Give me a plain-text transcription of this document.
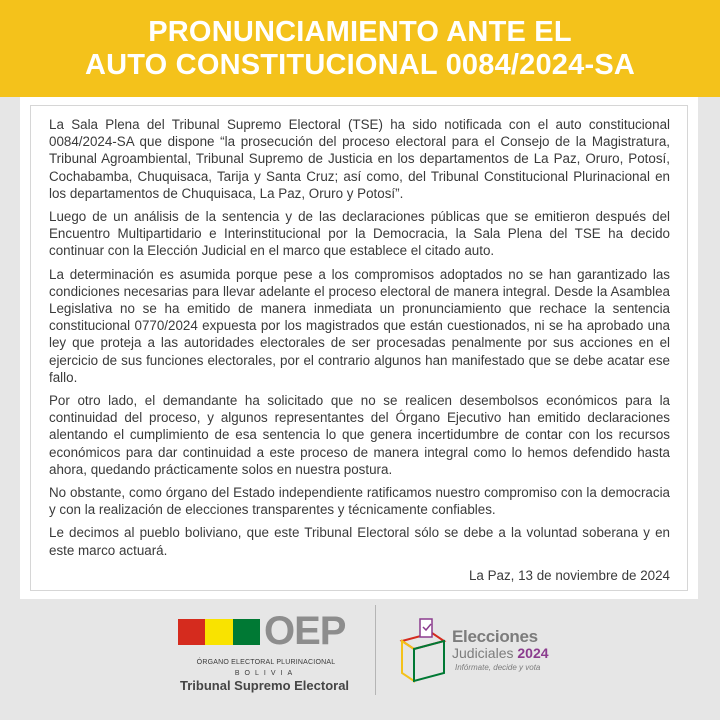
PRONUNCIAMIENTO ANTE EL
AUTO CONSTITUCIONAL 0084/2024-SA

La Sala Plena del Tribunal Supremo Electoral (TSE) ha sido notificada con el auto constitucional 0084/2024-SA que dispone “la prosecución del proceso electoral para el Consejo de la Magistratura, Tribunal Agroambiental, Tribunal Supremo de Justicia en los departamentos de La Paz, Oruro, Potosí, Cochabamba, Chuquisaca, Tarija y Santa Cruz; así como, del Tribunal Constitucional Plurinacional en los departamentos de Chuquisaca, La Paz, Oruro y Potosí”.

Luego de un análisis de la sentencia y de las declaraciones públicas que se emitieron después del Encuentro Multipartidario e Interinstitucional por la Democracia, la Sala Plena del TSE ha decido continuar con la Elección Judicial en el marco que establece el citado auto.

La determinación es asumida porque pese a los compromisos adoptados no se han garantizado las condiciones necesarias para llevar adelante el proceso electoral de manera integral. Desde la Asamblea Legislativa no se ha emitido de manera inmediata un pronunciamiento que rechace la sentencia constitucional 0770/2024 expuesta por los magistrados que están cuestionados, ni se ha aprobado una ley que proteja a las autoridades electorales de ser procesadas penalmente por sus acciones en el ejercicio de sus funciones electorales, por el contrario algunos han manifestado que se debe acatar ese fallo.

Por otro lado, el demandante ha solicitado que no se realicen desembolsos económicos para la continuidad del proceso, y algunos representantes del Órgano Ejecutivo han emitido declaraciones alentando el cumplimiento de esa sentencia lo que genera incertidumbre de contar con los recursos económicos para dar continuidad a este proceso de manera integral como lo hemos defendido hasta ahora, quedando prácticamente solos en nuestra postura.

No obstante, como órgano del Estado independiente ratificamos nuestro compromiso con la democracia y con la realización de elecciones transparentes y técnicamente confiables.

Le decimos al pueblo boliviano, que este Tribunal Electoral sólo se debe a la voluntad soberana y en este marco actuará.

La Paz, 13 de noviembre de 2024
OEP
ÓRGANO ELECTORAL PLURINACIONAL
BOLIVIA
Tribunal Supremo Electoral
Elecciones
Judiciales 2024
Infórmate, decide y vota
